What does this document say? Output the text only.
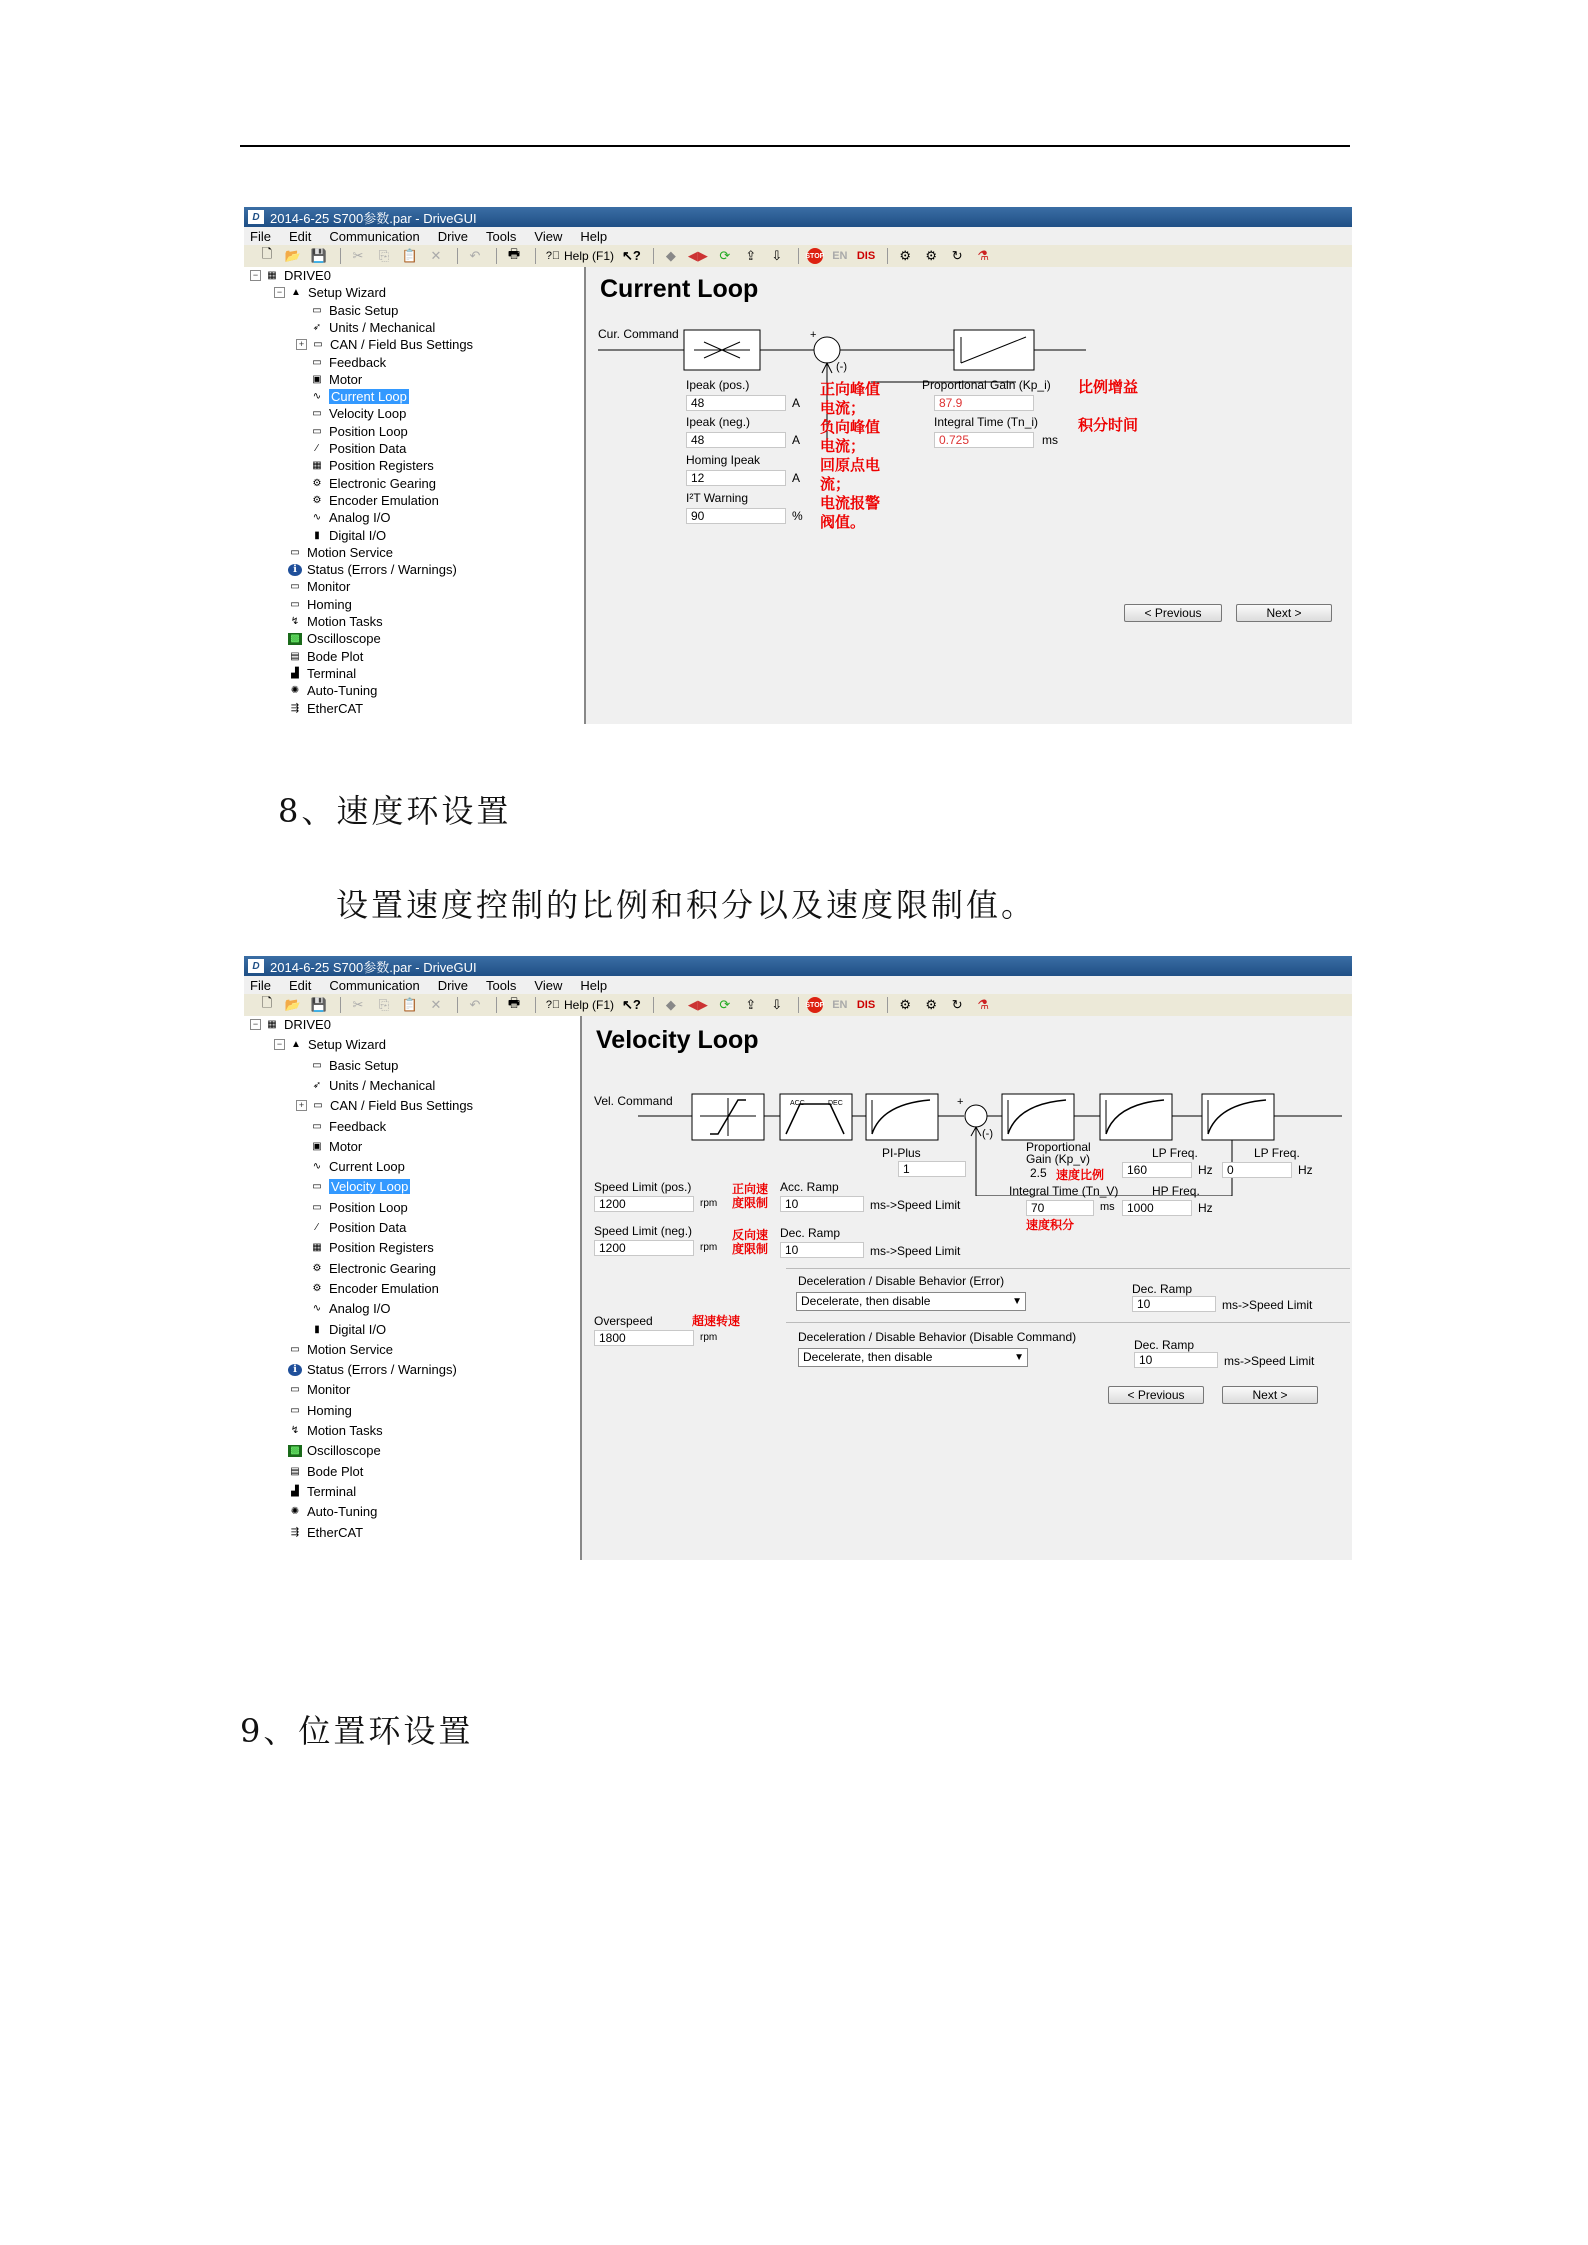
D 2014-6-25 S700参数.par - DriveGUI
File Edit Communication Drive Tools View Help
🗋 📂 💾 ✂ ⎘ 📋 ✕ ↶ 🖶 ?⃞ Help (F1) ↖?	◆ ◀▶ ⟳ ⇪ ⇩	STOP EN DIS ⚙ ⚙ ↻ ⚗
− ▦ DRIVE0
− ▲ Setup Wizard
▭ Basic Setup
➶ Units / Mechanical
+ ▭ CAN / Field Bus Settings
▭ Feedback
▣ Motor
∿ Current Loop
▭ Velocity Loop
▭ Position Loop
∕ Position Data
▦ Position Registers
⚙ Electronic Gearing
⚙ Encoder Emulation
∿ Analog I/O
▮ Digital I/O
▭ Motion Service
ℹ Status (Errors / Warnings)
▭ Monitor
▭ Homing
↯ Motion Tasks
▩ Oscilloscope
▤ Bode Plot
▟ Terminal
✺ Auto-Tuning
⇶ EtherCAT
Current Loop
Cur. Command	+
(-)
Ipeak (pos.)
48	A
Ipeak (neg.)
48	A
Homing Ipeak
12	A
I²T Warning
90	%
Proportional Gain (Kp_i)
87.9
Integral Time (Tn_i)
0.725	ms
正向峰值
电流；
负向峰值
电流；
回原点电
流；
电流报警
阀值。
比例增益
积分时间
< Previous	Next >
8、速度环设置
设置速度控制的比例和积分以及速度限制值。
D 2014-6-25 S700参数.par - DriveGUI
File Edit Communication Drive Tools View Help
🗋 📂 💾 ✂ ⎘ 📋 ✕ ↶ 🖶 ?⃞ Help (F1) ↖?	◆ ◀▶ ⟳ ⇪ ⇩	STOP EN DIS ⚙ ⚙ ↻ ⚗
− ▦ DRIVE0
− ▲ Setup Wizard
▭ Basic Setup
➶ Units / Mechanical
+ ▭ CAN / Field Bus Settings
▭ Feedback
▣ Motor
∿ Current Loop
▭ Velocity Loop
▭ Position Loop
∕ Position Data
▦ Position Registers
⚙ Electronic Gearing
⚙ Encoder Emulation
∿ Analog I/O
▮ Digital I/O
▭ Motion Service
ℹ Status (Errors / Warnings)
▭ Monitor
▭ Homing
↯ Motion Tasks
▩ Oscilloscope
▤ Bode Plot
▟ Terminal
✺ Auto-Tuning
⇶ EtherCAT
Velocity Loop
Vel. Command	ACC	DEC	+
(-)
PI-Plus
1
Proportional
Gain (Kp_v)
2.5 速度比例
Integral Time (Tn_V)
70	ms
速度积分
LP Freq.
160	Hz
HP Freq.
1000	Hz
LP Freq.
0	Hz
Speed Limit (pos.)
1200	rpm
正向速
度限制
Speed Limit (neg.)
1200	rpm
反向速
度限制
Acc. Ramp
10	ms->Speed Limit
Dec. Ramp
10	ms->Speed Limit
Overspeed
1800	rpm
超速转速
Deceleration / Disable Behavior (Error)
Decelerate, then disable	▼
Dec. Ramp
10	ms->Speed Limit
Deceleration / Disable Behavior (Disable Command)
Decelerate, then disable	▼
Dec. Ramp
10	ms->Speed Limit
< Previous	Next >
9、位置环设置
